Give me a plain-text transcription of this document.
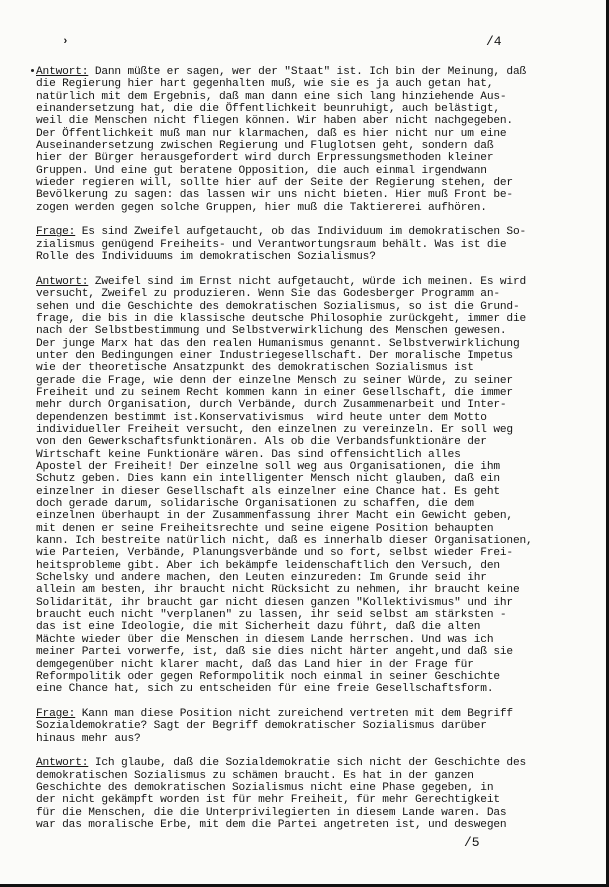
›	/4
Antwort: Dann müßte er sagen, wer der "Staat" ist. Ich bin der Meinung, daß
die Regierung hier hart gegenhalten muß, wie sie es ja auch getan hat,
natürlich mit dem Ergebnis, daß man dann eine sich lang hinziehende Aus-
einandersetzung hat, die die Öffentlichkeit beunruhigt, auch belästigt,
weil die Menschen nicht fliegen können. Wir haben aber nicht nachgegeben.
Der Öffentlichkeit muß man nur klarmachen, daß es hier nicht nur um eine
Auseinandersetzung zwischen Regierung und Fluglotsen geht, sondern daß
hier der Bürger herausgefordert wird durch Erpressungsmethoden kleiner
Gruppen. Und eine gut beratene Opposition, die auch einmal irgendwann
wieder regieren will, sollte hier auf der Seite der Regierung stehen, der
Bevölkerung zu sagen: das lassen wir uns nicht bieten. Hier muß Front be-
zogen werden gegen solche Gruppen, hier muß die Taktiererei aufhören.
Frage: Es sind Zweifel aufgetaucht, ob das Individuum im demokratischen So-
zialismus genügend Freiheits- und Verantwortungsraum behält. Was ist die
Rolle des Individuums im demokratischen Sozialismus?
Antwort: Zweifel sind im Ernst nicht aufgetaucht, würde ich meinen. Es wird
versucht, Zweifel zu produzieren. Wenn Sie das Godesberger Programm an-
sehen und die Geschichte des demokratischen Sozialismus, so ist die Grund-
frage, die bis in die klassische deutsche Philosophie zurückgeht, immer die
nach der Selbstbestimmung und Selbstverwirklichung des Menschen gewesen.
Der junge Marx hat das den realen Humanismus genannt. Selbstverwirklichung
unter den Bedingungen einer Industriegesellschaft. Der moralische Impetus
wie der theoretische Ansatzpunkt des demokratischen Sozialismus ist
gerade die Frage, wie denn der einzelne Mensch zu seiner Würde, zu seiner
Freiheit und zu seinem Recht kommen kann in einer Gesellschaft, die immer
mehr durch Organisation, durch Verbände, durch Zusammenarbeit und Inter-
dependenzen bestimmt ist.Konservativismus  wird heute unter dem Motto
individueller Freiheit versucht, den einzelnen zu vereinzeln. Er soll weg
von den Gewerkschaftsfunktionären. Als ob die Verbandsfunktionäre der
Wirtschaft keine Funktionäre wären. Das sind offensichtlich alles
Apostel der Freiheit! Der einzelne soll weg aus Organisationen, die ihm
Schutz geben. Dies kann ein intelligenter Mensch nicht glauben, daß ein
einzelner in dieser Gesellschaft als einzelner eine Chance hat. Es geht
doch gerade darum, solidarische Organisationen zu schaffen, die dem
einzelnen überhaupt in der Zusammenfassung ihrer Macht ein Gewicht geben,
mit denen er seine Freiheitsrechte und seine eigene Position behaupten
kann. Ich bestreite natürlich nicht, daß es innerhalb dieser Organisationen,
wie Parteien, Verbände, Planungsverbände und so fort, selbst wieder Frei-
heitsprobleme gibt. Aber ich bekämpfe leidenschaftlich den Versuch, den
Schelsky und andere machen, den Leuten einzureden: Im Grunde seid ihr
allein am besten, ihr braucht nicht Rücksicht zu nehmen, ihr braucht keine
Solidarität, ihr braucht gar nicht diesen ganzen "Kollektivismus" und ihr
braucht euch nicht "verplanen" zu lassen, ihr seid selbst am stärksten -
das ist eine Ideologie, die mit Sicherheit dazu führt, daß die alten
Mächte wieder über die Menschen in diesem Lande herrschen. Und was ich
meiner Partei vorwerfe, ist, daß sie dies nicht härter angeht,und daß sie
demgegenüber nicht klarer macht, daß das Land hier in der Frage für
Reformpolitik oder gegen Reformpolitik noch einmal in seiner Geschichte
eine Chance hat, sich zu entscheiden für eine freie Gesellschaftsform.
Frage: Kann man diese Position nicht zureichend vertreten mit dem Begriff
Sozialdemokratie? Sagt der Begriff demokratischer Sozialismus darüber
hinaus mehr aus?
Antwort: Ich glaube, daß die Sozialdemokratie sich nicht der Geschichte des
demokratischen Sozialismus zu schämen braucht. Es hat in der ganzen
Geschichte des demokratischen Sozialismus nicht eine Phase gegeben, in
der nicht gekämpft worden ist für mehr Freiheit, für mehr Gerechtigkeit
für die Menschen, die die Unterprivilegierten in diesem Lande waren. Das
war das moralische Erbe, mit dem die Partei angetreten ist, und deswegen
/5
